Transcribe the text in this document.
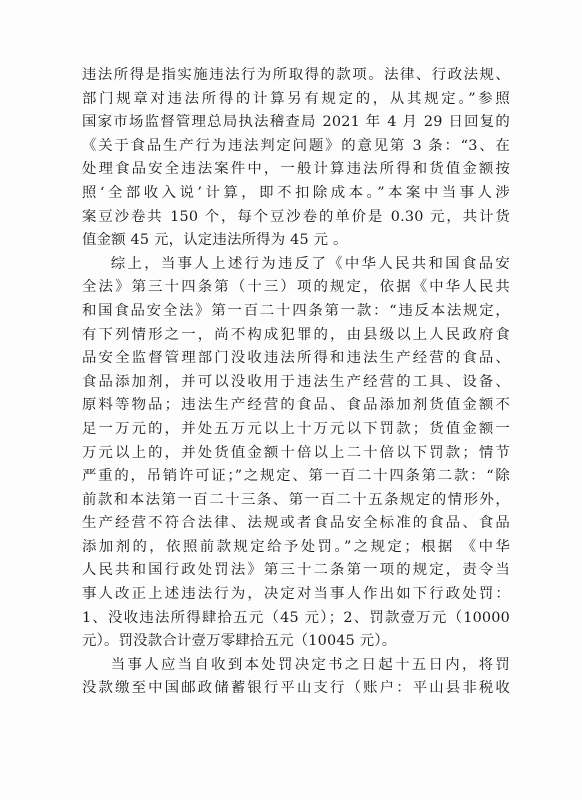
违法所得是指实施违法行为所取得的款项。法律、行政法规、
部门规章对违法所得的计算另有规定的，从其规定。”参照
国家市场监督管理总局执法稽查局 2021 年 4 月 29 日回复的
《关于食品生产行为违法判定问题》的意见第 3 条：“3、在
处理食品安全违法案件中，一般计算违法所得和货值金额按
照‘全部收入说’计算，即不扣除成本。”本案中当事人涉
案豆沙卷共 150 个，每个豆沙卷的单价是 0.30 元，共计货
值金额 45 元，认定违法所得为 45 元 。
综上，当事人上述行为违反了《中华人民共和国食品安
全法》第三十四条第（十三）项的规定，依据《中华人民共
和国食品安全法》第一百二十四条第一款：“违反本法规定，
有下列情形之一，尚不构成犯罪的，由县级以上人民政府食
品安全监督管理部门没收违法所得和违法生产经营的食品、
食品添加剂，并可以没收用于违法生产经营的工具、设备、
原料等物品；违法生产经营的食品、食品添加剂货值金额不
足一万元的，并处五万元以上十万元以下罚款；货值金额一
万元以上的，并处货值金额十倍以上二十倍以下罚款；情节
严重的，吊销许可证；”之规定、第一百二十四条第二款：“除
前款和本法第一百二十三条、第一百二十五条规定的情形外，
生产经营不符合法律、法规或者食品安全标准的食品、食品
添加剂的，依照前款规定给予处罚。”之规定；根据 《中华
人民共和国行政处罚法》第三十二条第一项的规定，责令当
事人改正上述违法行为，决定对当事人作出如下行政处罚：
1、没收违法所得肆拾五元（45 元）；2、罚款壹万元（10000
元）。罚没款合计壹万零肆拾五元（10045 元）。
当事人应当自收到本处罚决定书之日起十五日内，将罚
没款缴至中国邮政储蓄银行平山支行（账户：平山县非税收
